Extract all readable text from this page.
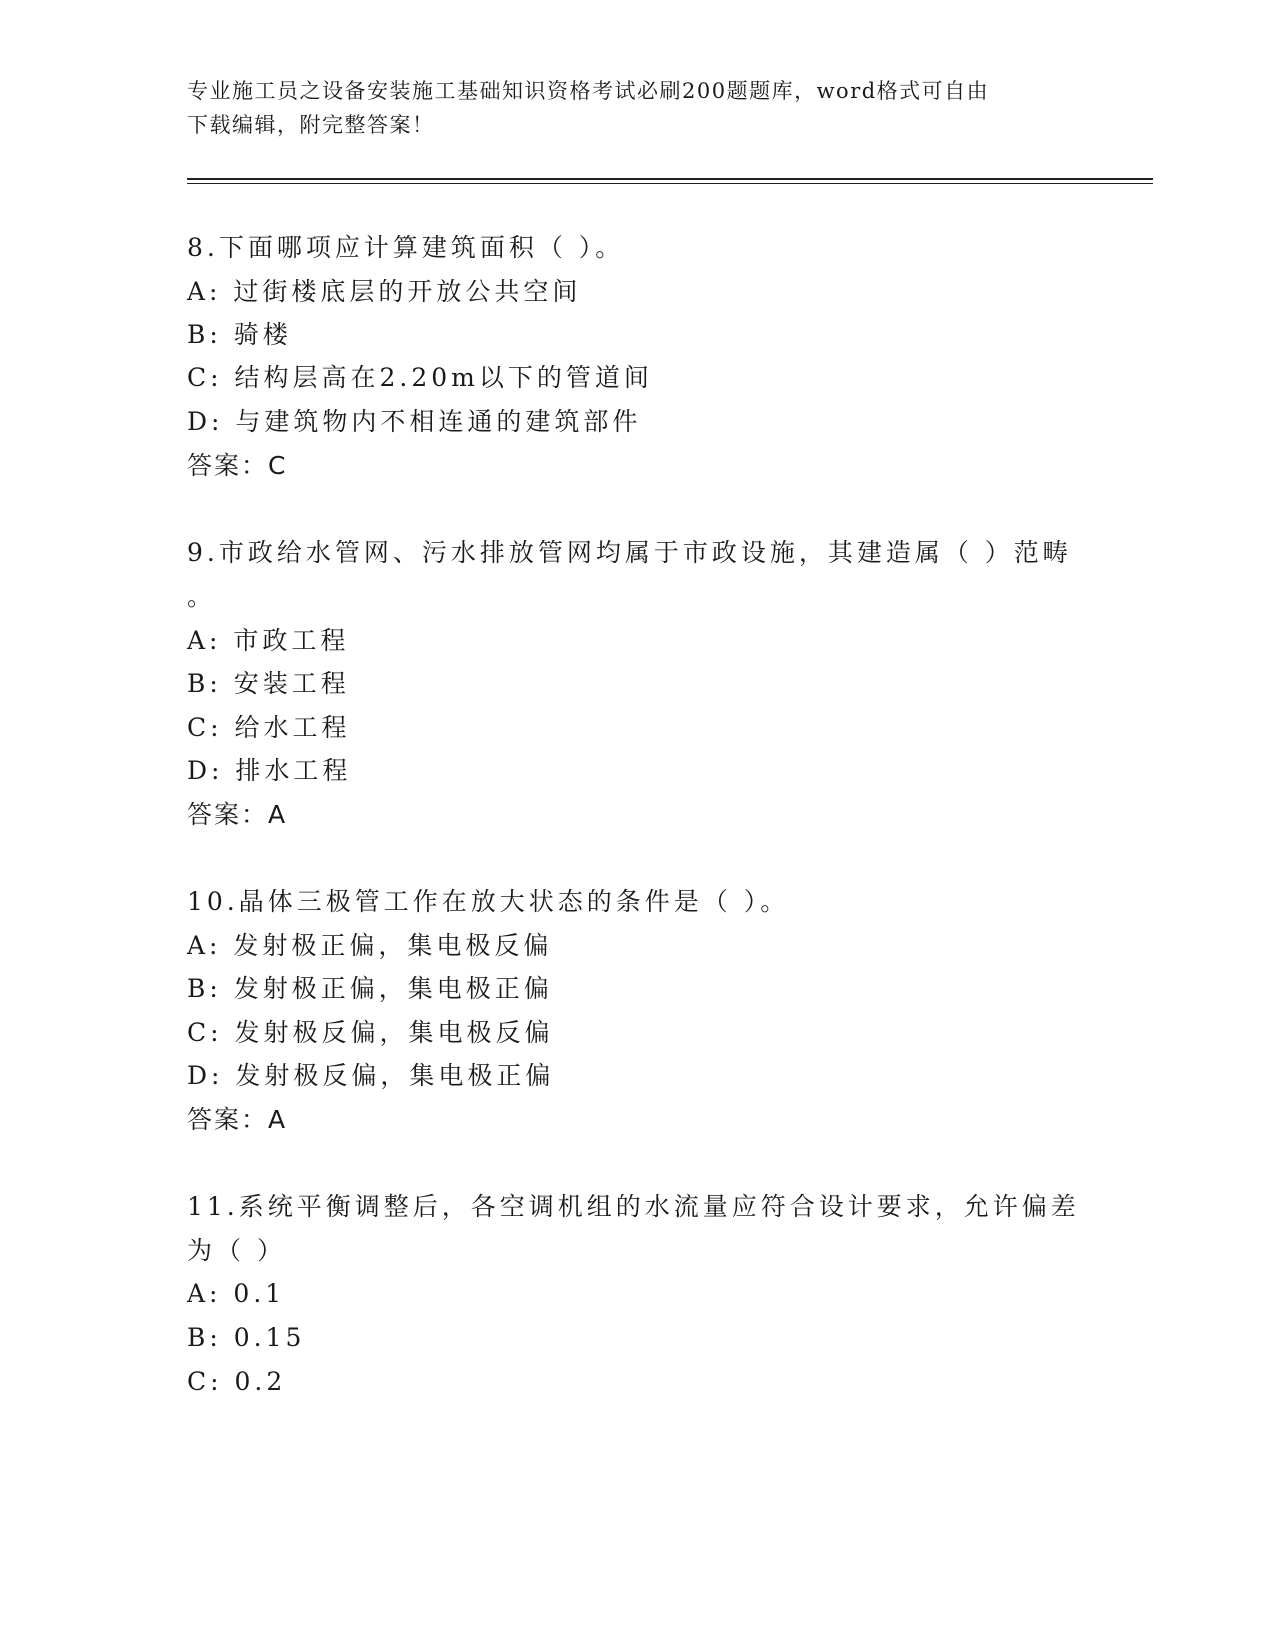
专业施工员之设备安装施工基础知识资格考试必刷200题题库，word格式可自由
下载编辑，附完整答案！
8.下面哪项应计算建筑面积（ ）。
A: 过街楼底层的开放公共空间
B: 骑楼
C: 结构层高在2.20m以下的管道间
D: 与建筑物内不相连通的建筑部件
答案：C
9.市政给水管网、污水排放管网均属于市政设施，其建造属（ ）范畴
。
A: 市政工程
B: 安装工程
C: 给水工程
D: 排水工程
答案：A
10.晶体三极管工作在放大状态的条件是（ ）。
A: 发射极正偏，集电极反偏
B: 发射极正偏，集电极正偏
C: 发射极反偏，集电极反偏
D: 发射极反偏，集电极正偏
答案：A
11.系统平衡调整后，各空调机组的水流量应符合设计要求，允许偏差
为（ ）
A: 0.1
B: 0.15
C: 0.2
